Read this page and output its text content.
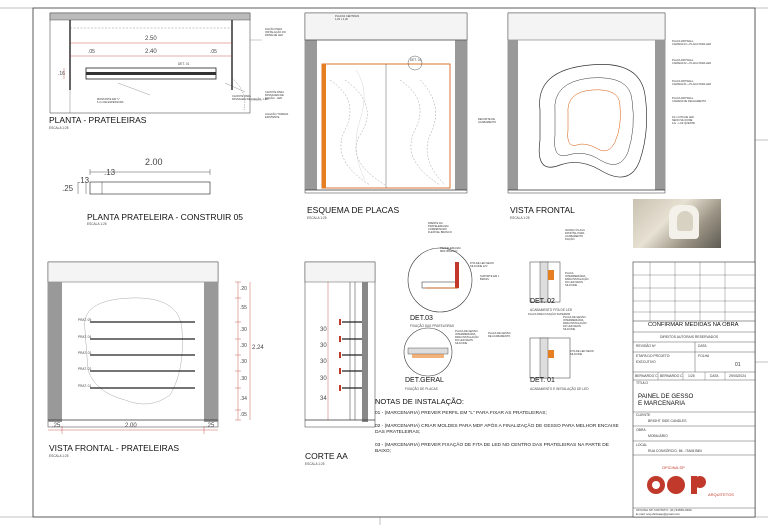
PLANTA - PRATELEIRAS
ESCALA 1:25
2.50
2.40
.05	.05
.16
DET. 01
FIAÇÃO PARA
INSTALAÇÃO DO
DRIVE DE LED
CAIXOTE PARA
PASSAGEM DE FIAÇÃO - LED
MONTANTE EM "L"
6 cm DE ESPESSURA
LIGAÇÃO TOMADA
EXISTENTE
CAIXOTE PARA
PASSAGEM DE
FIAÇÃO - LED
PLANTA PRATELEIRA - CONSTRUIR 05
ESCALA 1:25
2.00
.13
.25
.13
ESQUEMA DE PLACAS
ESCALA 1:25
DET. 03
PLACAS CENTRAIS
1,20 x 2,30
RECORTE DE
ACABAMENTO
VISTA FRONTAL
ESCALA 1:25
PLACA DRYWALL
CAMADA 03 + PLACA PARA LED
PLACA DRYWALL
CAMADA 02 + PLACA PARA LED
PLACA DRYWALL
CAMADA 01 + PLACA PARA LED
PLACA DRYWALL
CAMADA DE FECHAMENTO
16 m FITA DE LED
NEON SILICONE
12v - LUZ QUENTE
VISTA FRONTAL - PRATELEIRAS
ESCALA 1:25
.25	2.00	.25
2.24
.20
.55
.30
.30
.30
.30
.34
.05
PRAT. 05
PRAT. 04
PRAT. 03
PRAT. 02
PRAT. 01
CORTE AA
ESCALA 1:25
30
30
30
30
34
DET.03
FIXAÇÃO DAS PRATELEIRAS
FRENTE DA
PRATELEIRA EM
COMPENSADO
FLEXÍVEL BRANCO
PRATELEIRA EM
MDF BRANCO
FITA DE LED NEON
SILICONE 12V
SUPORTE EM L
BRASS
DET. 02
ACABAMENTO FITA DE LED
AVANÇO PLACA
FRONTAL PARA
ACABAMENTO
FIAÇÃO
PLACA
INTERMEDIÁRIA
PARA INSTALAÇÃO
DO LED NEON
SILICONE
PLACA DE GESSO
INTERMEDIÁRIA
PARA INSTALAÇÃO
DO LED NEON
SILICONE
DET.GERAL
FIXAÇÃO DE PLACAS
PLACA DE GESSO
INTERMEDIÁRIA
PARA INSTALAÇÃO
DO LED NEON
SILICONE
PLACA DE GESSO
DE ACABAMENTO
DET. 01
ACABAMENTO E INSTALAÇÃO DE LED
PLACA PARA FIXAÇÃO SUPERIOR
FITA DE LED NEON
SILICONE
NOTAS DE INSTALAÇÃO:
01 - (MARCENARIA) PREVER PERFIL EM "L" PARA FIXAR AS PRATELEIRAS;
02 - (MARCENARIA) CRIAR MOLDES PARA MDF APÓS A FINALIZAÇÃO DE GESSO PARA MELHOR ENCAIXE DAS PRATELEIRAS;
03 - (MARCENARIA) PREVER FIXAÇÃO DE FITA DE LED NO CENTRO DAS PRATELEIRAS NA PARTE DE BAIXO;
CONFIRMAR MEDIDAS NA OBRA
DIREITOS AUTORAIS RESERVADOS
REVISÃO Nº	DATA
ETAPA DO PROJETO:
EXECUTIVO
FOLHA
01
BERNARDO C. BERNARDO C. 1/25	DATA	29/03/2024
TÍTULO
PAINEL DE GESSO
E MARCENARIA
CLIENTE
BRIGHT SIDE CANDLES
OBRA
MOBILIÁRIO
LOCAL
RUA CONSÓRCIO, 86 - ITAIM BIBI
OFICINA.SP
ARQUITETOS
OFICINA.SP CONTATO: (11) 93659-0390
E-mail: arq.oficinasp@gmail.com
